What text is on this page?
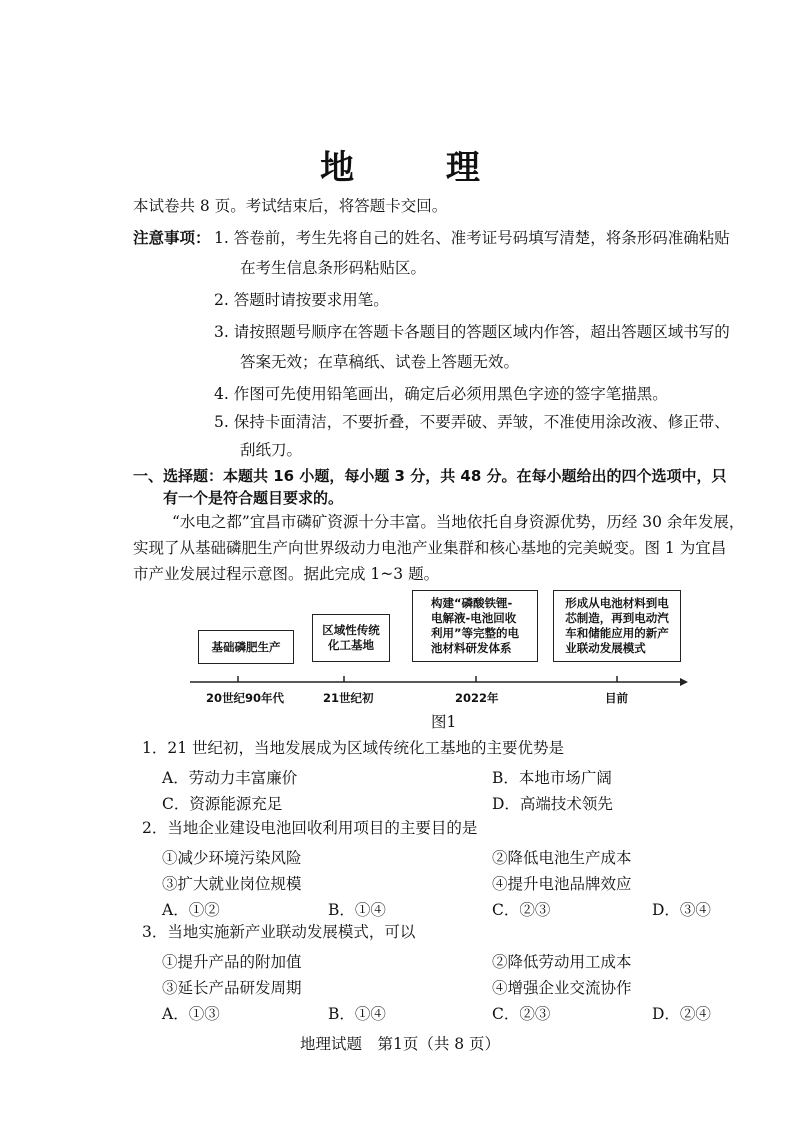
地 理
本试卷共 8 页。考试结束后，将答题卡交回。
注意事项： 1. 答卷前，考生先将自己的姓名、准考证号码填写清楚，将条形码准确粘贴
在考生信息条形码粘贴区。
2. 答题时请按要求用笔。
3. 请按照题号顺序在答题卡各题目的答题区域内作答，超出答题区域书写的
答案无效；在草稿纸、试卷上答题无效。
4. 作图可先使用铅笔画出，确定后必须用黑色字迹的签字笔描黑。
5. 保持卡面清洁，不要折叠，不要弄破、弄皱，不准使用涂改液、修正带、
刮纸刀。
一、选择题：本题共 16 小题，每小题 3 分，共 48 分。在每小题给出的四个选项中，只
有一个是符合题目要求的。
“水电之都”宜昌市磷矿资源十分丰富。当地依托自身资源优势，历经 30 余年发展，
实现了从基础磷肥生产向世界级动力电池产业集群和核心基地的完美蜕变。图 1 为宜昌
市产业发展过程示意图。据此完成 1~3 题。
基础磷肥生产
区域性传统
化工基地
构建“磷酸铁锂-
电解液-电池回收
利用”等完整的电
池材料研发体系
形成从电池材料到电
芯制造，再到电动汽
车和储能应用的新产
业联动发展模式
20世纪90年代	21世纪初	2022年	目前
图1
1．21 世纪初，当地发展成为区域传统化工基地的主要优势是
A．劳动力丰富廉价	B．本地市场广阔
C．资源能源充足	D．高端技术领先
2．当地企业建设电池回收利用项目的主要目的是
①减少环境污染风险	②降低电池生产成本
③扩大就业岗位规模	④提升电池品牌效应
A．①②	B．①④	C．②③	D．③④
3．当地实施新产业联动发展模式，可以
①提升产品的附加值	②降低劳动用工成本
③延长产品研发周期	④增强企业交流协作
A．①③	B．①④	C．②③	D．②④
地理试题　第1页（共 8 页）
